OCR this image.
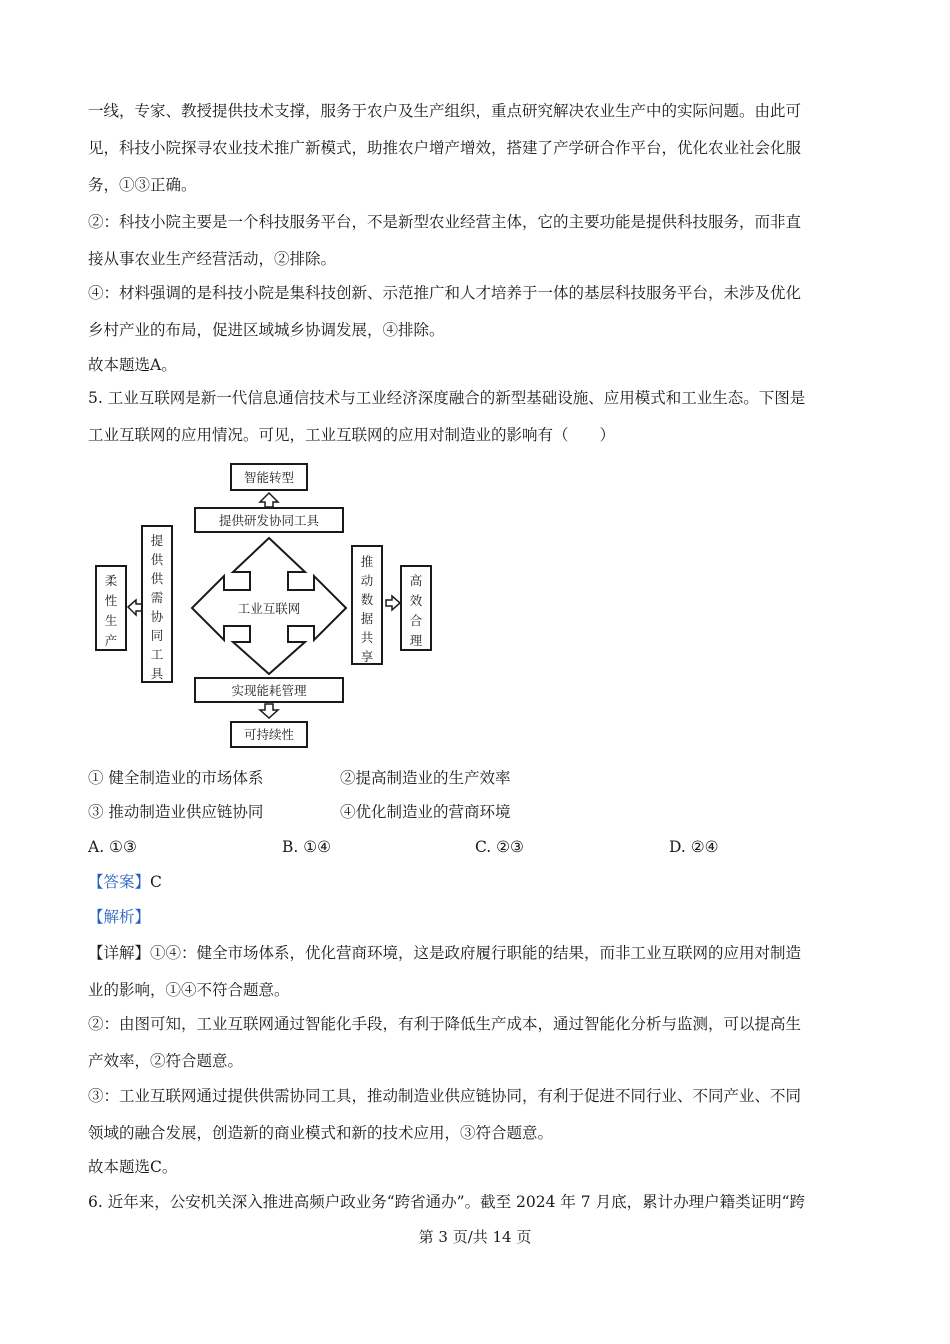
一线，专家、教授提供技术支撑，服务于农户及生产组织，重点研究解决农业生产中的实际问题。由此可
见，科技小院探寻农业技术推广新模式，助推农户增产增效，搭建了产学研合作平台，优化农业社会化服
务，①③正确。
②：科技小院主要是一个科技服务平台，不是新型农业经营主体，它的主要功能是提供科技服务，而非直
接从事农业生产经营活动，②排除。
④：材料强调的是科技小院是集科技创新、示范推广和人才培养于一体的基层科技服务平台，未涉及优化
乡村产业的布局，促进区域城乡协调发展，④排除。
故本题选A。
5. 工业互联网是新一代信息通信技术与工业经济深度融合的新型基础设施、应用模式和工业生态。下图是
工业互联网的应用情况。可见，工业互联网的应用对制造业的影响有（　　）
智能转型
提供研发协同工具
柔
性
生
产
提
供
供
需
协
同
工
具
工业互联网
推
动
数
据
共
享
高
效
合
理
实现能耗管理
可持续性
① 健全制造业的市场体系	②提高制造业的生产效率
③ 推动制造业供应链协同	④优化制造业的营商环境
A. ①③	B. ①④	C. ②③	D. ②④
【答案】C
【解析】
【详解】①④：健全市场体系，优化营商环境，这是政府履行职能的结果，而非工业互联网的应用对制造
业的影响，①④不符合题意。
②：由图可知，工业互联网通过智能化手段，有利于降低生产成本，通过智能化分析与监测，可以提高生
产效率，②符合题意。
③：工业互联网通过提供供需协同工具，推动制造业供应链协同，有利于促进不同行业、不同产业、不同
领域的融合发展，创造新的商业模式和新的技术应用，③符合题意。
故本题选C。
6. 近年来，公安机关深入推进高频户政业务“跨省通办”。截至 2024 年 7 月底，累计办理户籍类证明“跨
第 3 页/共 14 页
